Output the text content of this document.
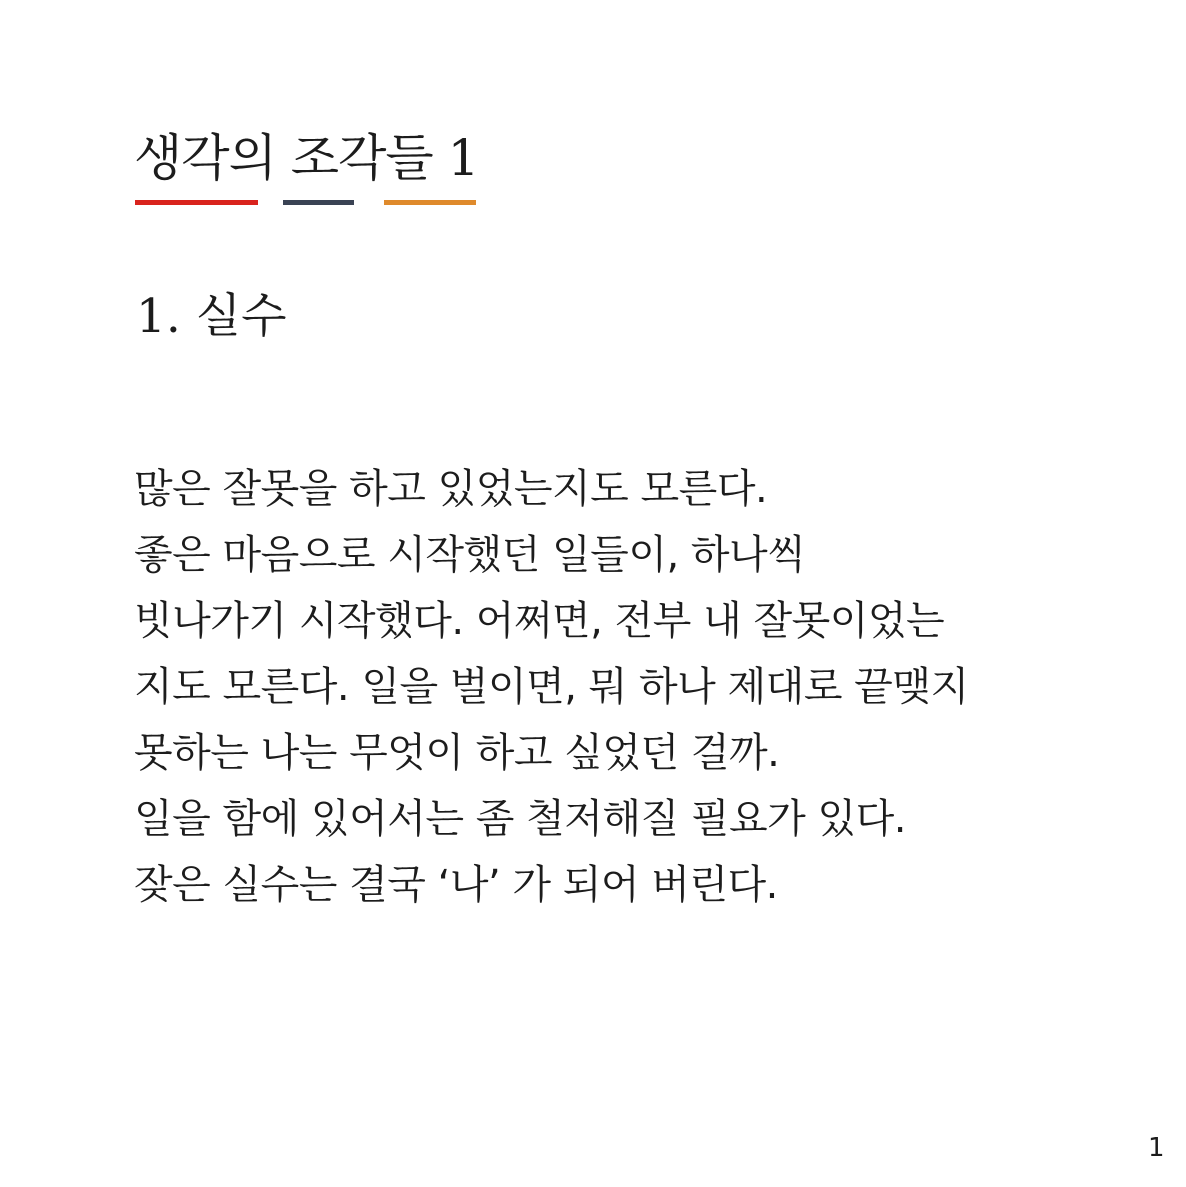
생각의 조각들 1
1. 실수
많은 잘못을 하고 있었는지도 모른다.
좋은 마음으로 시작했던 일들이, 하나씩
빗나가기 시작했다. 어쩌면, 전부 내 잘못이었는
지도 모른다. 일을 벌이면, 뭐 하나 제대로 끝맺지
못하는 나는 무엇이 하고 싶었던 걸까.
일을 함에 있어서는 좀 철저해질 필요가 있다.
잦은 실수는 결국 ‘나’ 가 되어 버린다.
1
